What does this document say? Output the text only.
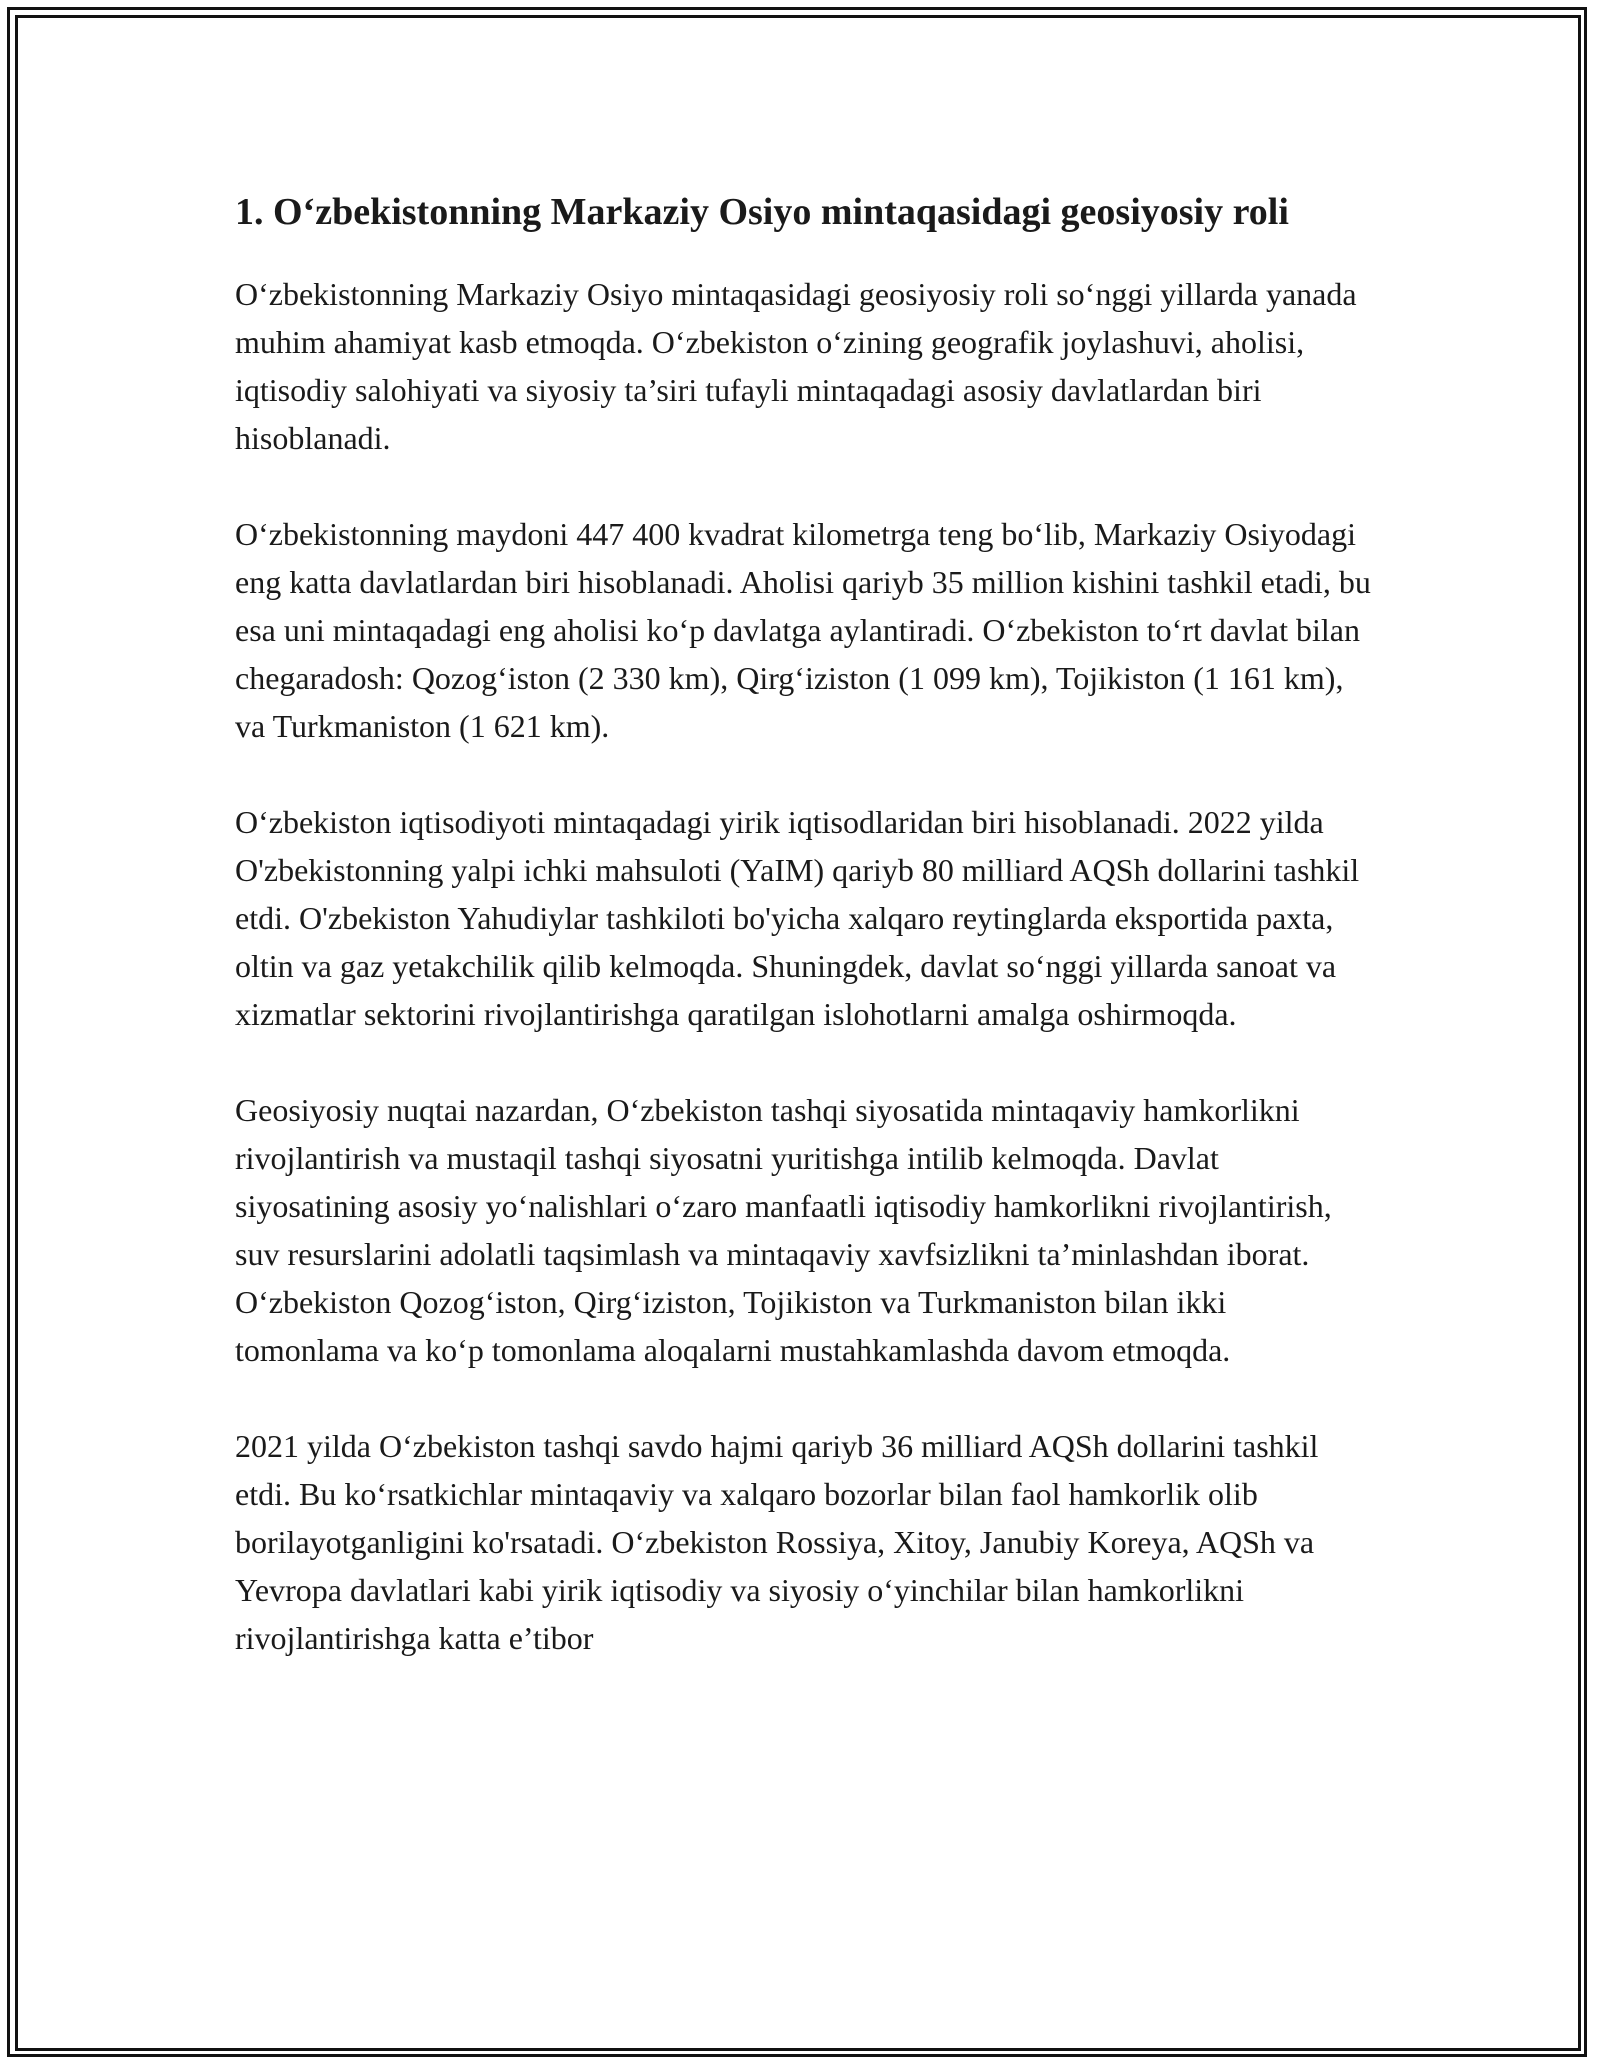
1. O‘zbekistonning Markaziy Osiyo mintaqasidagi geosiyosiy roli

O‘zbekistonning Markaziy Osiyo mintaqasidagi geosiyosiy roli so‘nggi yillarda yanada muhim ahamiyat kasb etmoqda. O‘zbekiston o‘zining geografik joylashuvi, aholisi, iqtisodiy salohiyati va siyosiy ta’siri tufayli mintaqadagi asosiy davlatlardan biri hisoblanadi.

O‘zbekistonning maydoni 447 400 kvadrat kilometrga teng bo‘lib, Markaziy Osiyodagi eng katta davlatlardan biri hisoblanadi. Aholisi qariyb 35 million kishini tashkil etadi, bu esa uni mintaqadagi eng aholisi ko‘p davlatga aylantiradi. O‘zbekiston to‘rt davlat bilan chegaradosh: Qozog‘iston (2 330 km), Qirg‘iziston (1 099 km), Tojikiston (1 161 km), va Turkmaniston (1 621 km).

O‘zbekiston iqtisodiyoti mintaqadagi yirik iqtisodlaridan biri hisoblanadi. 2022 yilda O'zbekistonning yalpi ichki mahsuloti (YaIM) qariyb 80 milliard AQSh dollarini tashkil etdi. O'zbekiston Yahudiylar tashkiloti bo'yicha xalqaro reytinglarda eksportida paxta, oltin va gaz yetakchilik qilib kelmoqda. Shuningdek, davlat so‘nggi yillarda sanoat va xizmatlar sektorini rivojlantirishga qaratilgan islohotlarni amalga oshirmoqda.

Geosiyosiy nuqtai nazardan, O‘zbekiston tashqi siyosatida mintaqaviy hamkorlikni rivojlantirish va mustaqil tashqi siyosatni yuritishga intilib kelmoqda. Davlat siyosatining asosiy yo‘nalishlari o‘zaro manfaatli iqtisodiy hamkorlikni rivojlantirish, suv resurslarini adolatli taqsimlash va mintaqaviy xavfsizlikni ta’minlashdan iborat. O‘zbekiston Qozog‘iston, Qirg‘iziston, Tojikiston va Turkmaniston bilan ikki tomonlama va ko‘p tomonlama aloqalarni mustahkamlashda davom etmoqda.

2021 yilda O‘zbekiston tashqi savdo hajmi qariyb 36 milliard AQSh dollarini tashkil etdi. Bu ko‘rsatkichlar mintaqaviy va xalqaro bozorlar bilan faol hamkorlik olib borilayotganligini ko'rsatadi. O‘zbekiston Rossiya, Xitoy, Janubiy Koreya, AQSh va Yevropa davlatlari kabi yirik iqtisodiy va siyosiy o‘yinchilar bilan hamkorlikni rivojlantirishga katta e’tibor
